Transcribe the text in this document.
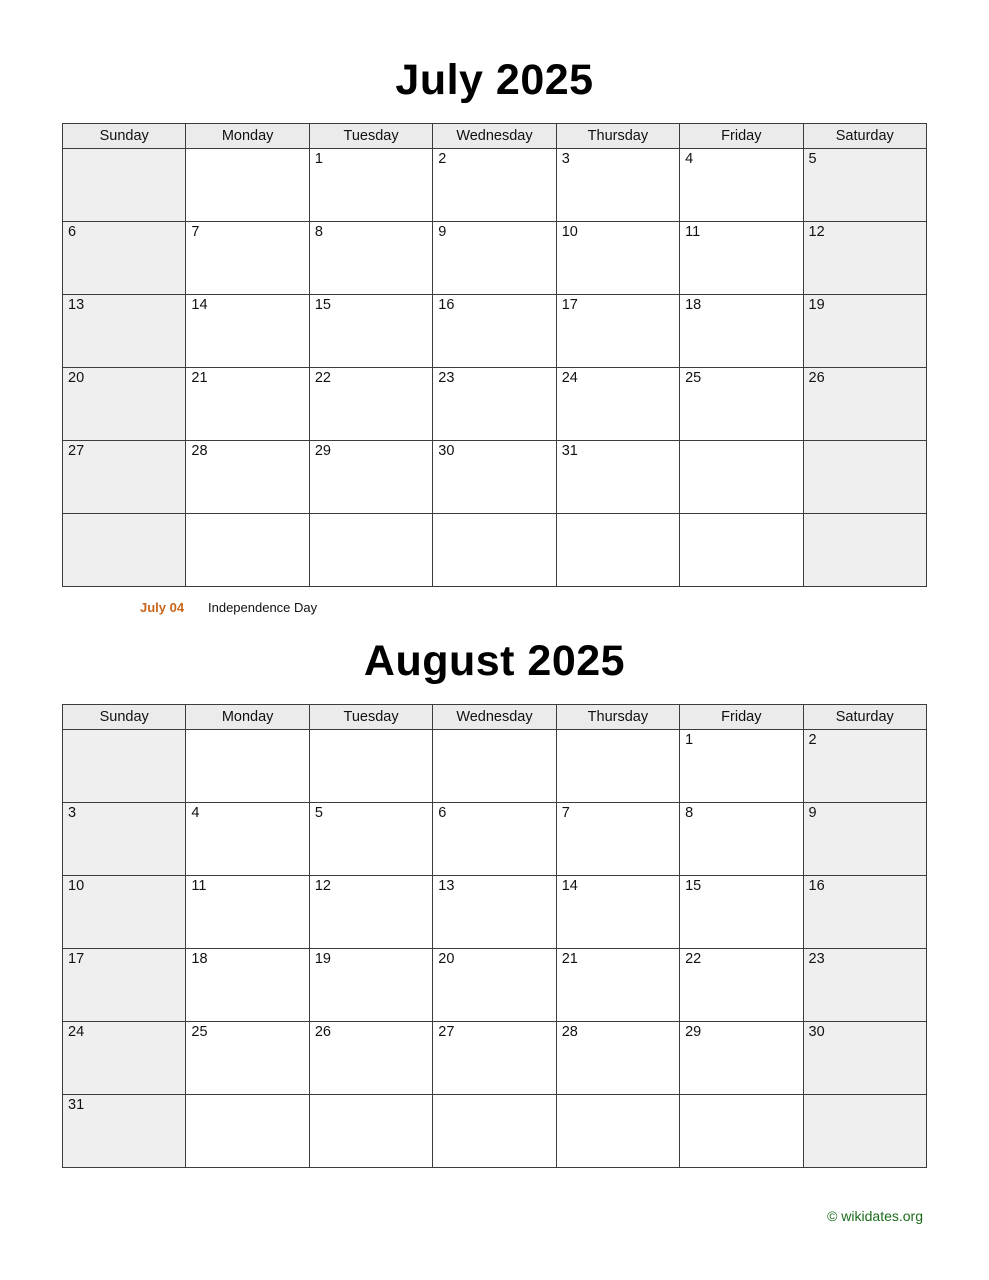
July 2025
Sunday	Monday	Tuesday	Wednesday	Thursday	Friday	Saturday

		1	2	3	4	5

6	7	8	9	10	11	12

13	14	15	16	17	18	19

20	21	22	23	24	25	26

27	28	29	30	31		

July 04 Independence Day
August 2025
Sunday	Monday	Tuesday	Wednesday	Thursday	Friday	Saturday

					1	2

3	4	5	6	7	8	9

10	11	12	13	14	15	16

17	18	19	20	21	22	23

24	25	26	27	28	29	30

31						

© wikidates.org
